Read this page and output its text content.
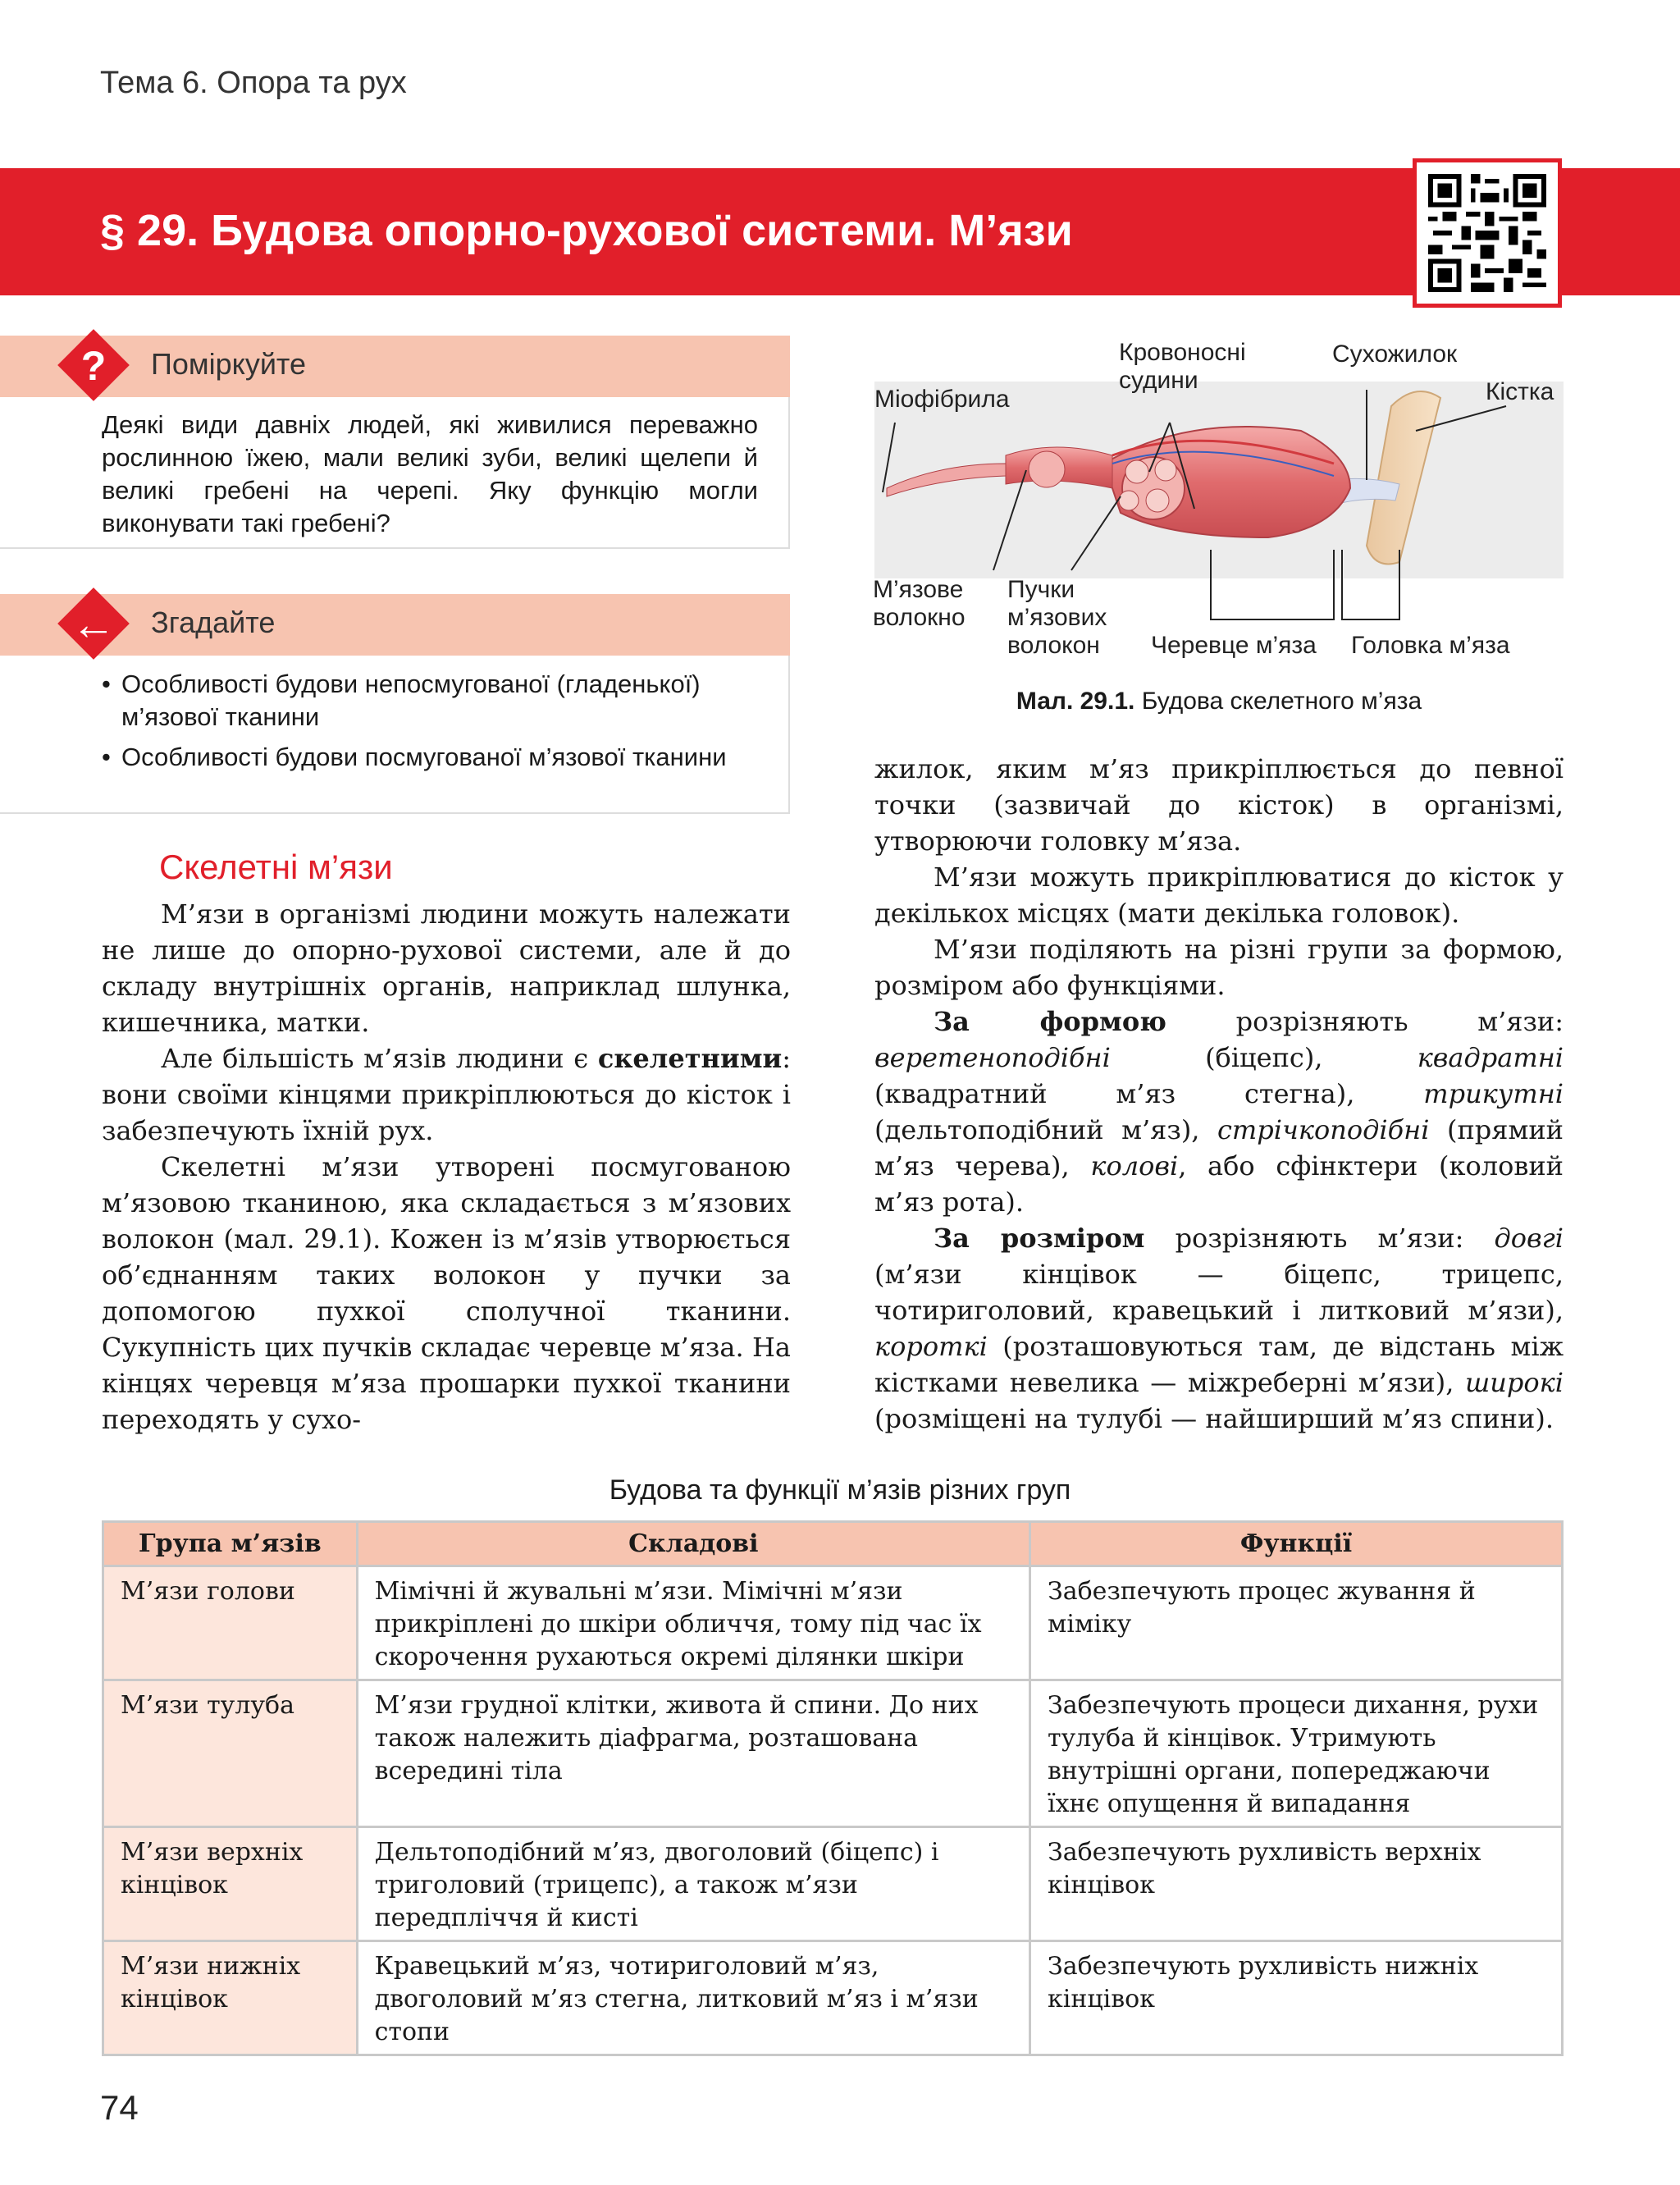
Тема 6. Опора та рух
§ 29. Будова опорно-рухової системи. М’язи
?	Поміркуйте
Деякі види давніх людей, які живилися переважно рослинною їжею, мали великі зуби, великі щелепи й великі гребені на черепі. Яку функцію могли виконувати такі гребені?
← Згадайте
• Особливості будови непосмугованої (гладенької) м’язової тканини
• Особливості будови посмугованої м’язової тканини
Міофібрила
Кровоносні судини
Сухожилок
Кістка
М’язове волокно
Пучки м’язових волокон	Черевце м’яза Головка м’яза
Мал. 29.1. Будова скелетного м’яза
Скелетні м’язи

М’язи в організмі людини можуть належати не лише до опорно-рухової системи, але й до складу внутрішніх органів, наприклад шлунка, кишечника, матки.

Але більшість м’язів людини є скелетними: вони своїми кінцями прикріплюються до кісток і забезпечують їхній рух.

Скелетні м’язи утворені посмугованою м’язовою тканиною, яка складається з м’язових волокон (мал. 29.1). Кожен із м’язів утворюється об’єднанням таких волокон у пучки за допомогою пухкої сполучної тканини. Сукупність цих пучків складає черевце м’яза. На кінцях черевця м’яза прошарки пухкої тканини переходять у сухо-

жилок, яким м’яз прикріплюється до певної точки (зазвичай до кісток) в організмі, утворюючи головку м’яза.

М’язи можуть прикріплюватися до кісток у декількох місцях (мати декілька головок).

М’язи поділяють на різні групи за формою, розміром або функціями.

За формою розрізняють м’язи: веретеноподібні (біцепс), квадратні (квадратний м’яз стегна), трикутні (дельтоподібний м’яз), стрічкоподібні (прямий м’яз черева), колові, або сфінктери (коловий м’яз рота).

За розміром розрізняють м’язи: довгі (м’язи кінцівок — біцепс, трицепс, чотириголовий, кравецький і литковий м’язи), короткі (розташовуються там, де відстань між кістками невелика — міжреберні м’язи), широкі (розміщені на тулубі — найширший м’яз спини).

Будова та функції м’язів різних груп
Група м’язів	Складові	Функції
М’язи голови	Мімічні й жувальні м’язи. Мімічні м’язи прикріплені до шкіри обличчя, тому під час їх скорочення рухаються окремі ділянки шкіри	Забезпечують процес жування й міміку
М’язи тулуба	М’язи грудної клітки, живота й спини. До них також належить діафрагма, розташована всередині тіла	Забезпечують процеси дихання, рухи тулуба й кінцівок. Утримують внутрішні органи, попереджаючи їхнє опущення й випадання
М’язи верхніх кінцівок	Дельтоподібний м’яз, двоголовий (біцепс) і триголовий (трицепс), а також м’язи передпліччя й кисті	Забезпечують рухливість верхніх кінцівок
М’язи нижніх кінцівок	Кравецький м’яз, чотириголовий м’яз, двоголовий м’яз стегна, литковий м’яз і м’язи стопи	Забезпечують рухливість нижніх кінцівок
74
